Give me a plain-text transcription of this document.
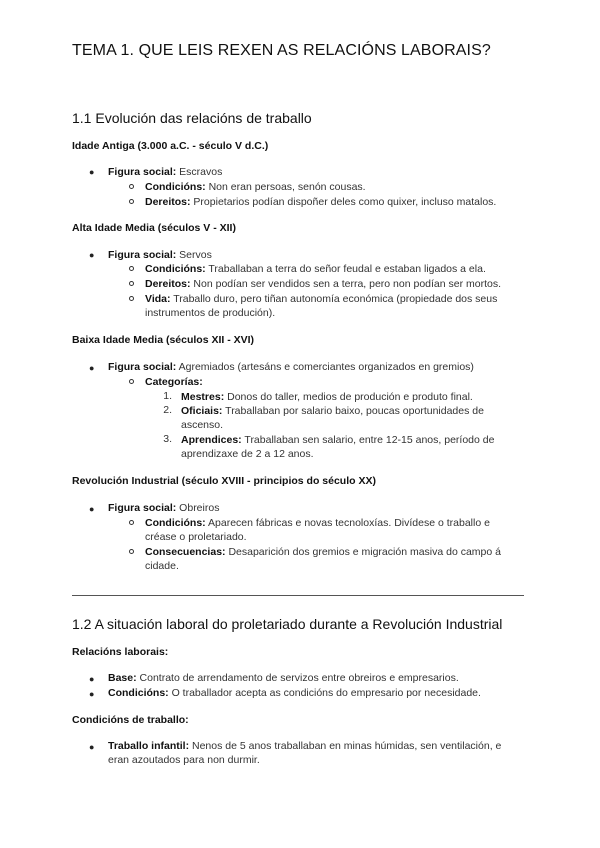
TEMA 1. QUE LEIS REXEN AS RELACIÓNS LABORAIS?
1.1 Evolución das relacións de traballo
Idade Antiga (3.000 a.C. - século V d.C.)
● Figura social: Escravos
Condicións: Non eran persoas, senón cousas.
Dereitos: Propietarios podían dispoñer deles como quixer, incluso matalos.
Alta Idade Media (séculos V - XII)
● Figura social: Servos
Condicións: Traballaban a terra do señor feudal e estaban ligados a ela.
Dereitos: Non podían ser vendidos sen a terra, pero non podían ser mortos.
Vida: Traballo duro, pero tiñan autonomía económica (propiedade dos seus
instrumentos de produción).
Baixa Idade Media (séculos XII - XVI)
● Figura social: Agremiados (artesáns e comerciantes organizados en gremios)
Categorías:
1. Mestres: Donos do taller, medios de produción e produto final.
2. Oficiais: Traballaban por salario baixo, poucas oportunidades de
ascenso.
3. Aprendices: Traballaban sen salario, entre 12-15 anos, período de
aprendizaxe de 2 a 12 anos.
Revolución Industrial (século XVIII - principios do século XX)
● Figura social: Obreiros
Condicións: Aparecen fábricas e novas tecnoloxías. Divídese o traballo e
créase o proletariado.
Consecuencias: Desaparición dos gremios e migración masiva do campo á
cidade.
1.2 A situación laboral do proletariado durante a Revolución Industrial
Relacións laborais:
● Base: Contrato de arrendamento de servizos entre obreiros e empresarios.
● Condicións: O traballador acepta as condicións do empresario por necesidade.
Condicións de traballo:
● Traballo infantil: Nenos de 5 anos traballaban en minas húmidas, sen ventilación, e
eran azoutados para non durmir.
